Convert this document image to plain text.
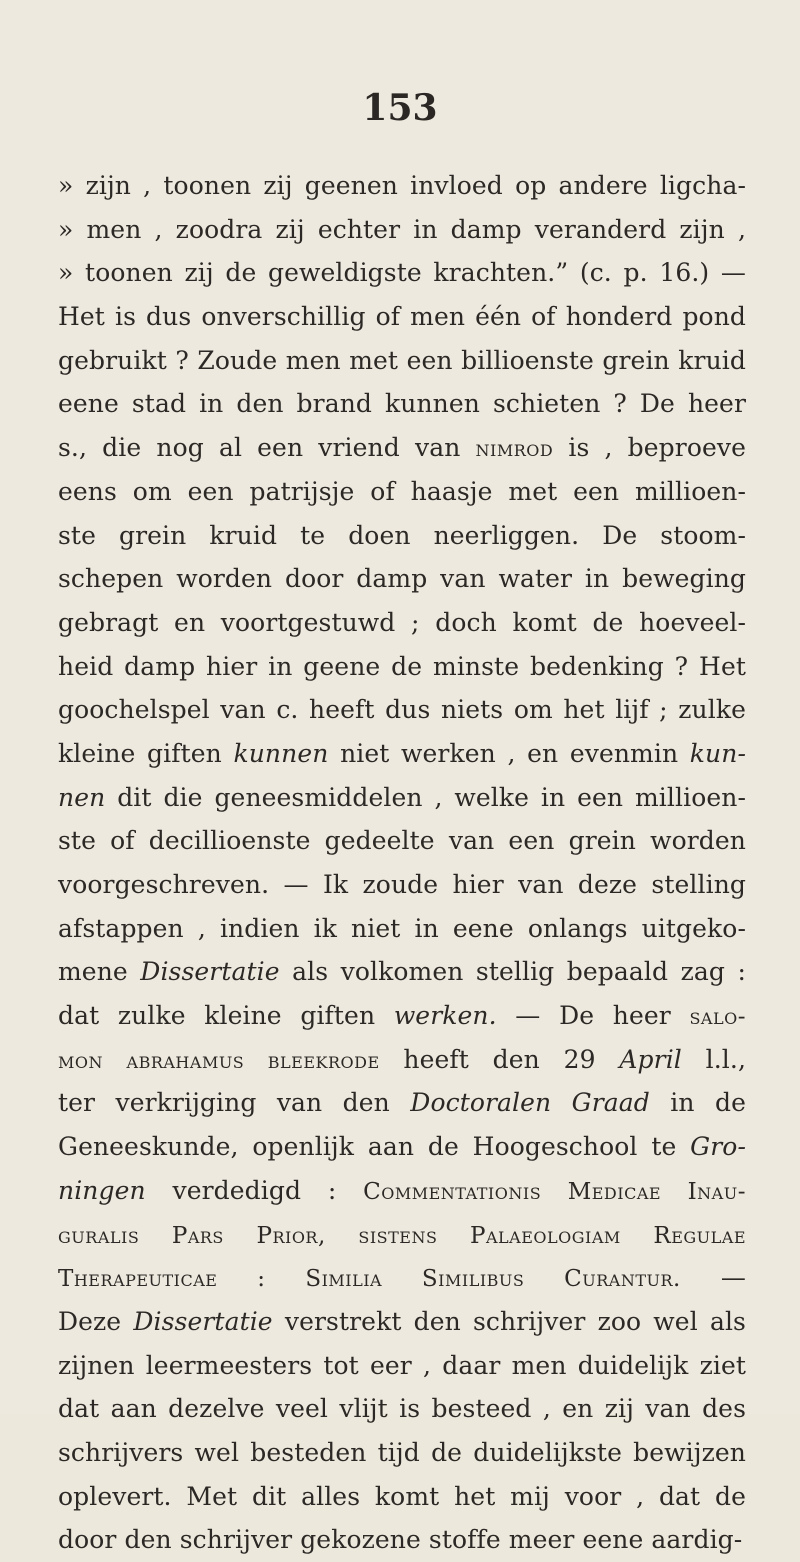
153
» zijn , toonen zij geenen invloed op andere ligcha-
» men , zoodra zij echter in damp veranderd zijn ,
» toonen zij de geweldigste krachten.” (c. p. 16.) —
Het is dus onverschillig of men één of honderd pond
gebruikt ? Zoude men met een billioenste grein kruid
eene stad in den brand kunnen schieten ? De heer
s., die nog al een vriend van nimrod is , beproeve
eens om een patrijsje of haasje met een millioen-
ste grein kruid te doen neerliggen. De stoom-
schepen worden door damp van water in beweging
gebragt en voortgestuwd ; doch komt de hoeveel-
heid damp hier in geene de minste bedenking ? Het
goochelspel van c. heeft dus niets om het lijf ; zulke
kleine giften kunnen niet werken , en evenmin kun-
nen dit die geneesmiddelen , welke in een millioen-
ste of decillioenste gedeelte van een grein worden
voorgeschreven. — Ik zoude hier van deze stelling
afstappen , indien ik niet in eene onlangs uitgeko-
mene Dissertatie als volkomen stellig bepaald zag :
dat zulke kleine giften werken. — De heer salo-
mon abrahamus bleekrode heeft den 29 April l.l.,
ter verkrijging van den Doctoralen Graad in de
Geneeskunde, openlijk aan de Hoogeschool te Gro-
ningen verdedigd : Commentationis Medicae Inau-
guralis Pars Prior, sistens Palaeologiam Regulae
Therapeuticae : Similia Similibus Curantur. —
Deze Dissertatie verstrekt den schrijver zoo wel als
zijnen leermeesters tot eer , daar men duidelijk ziet
dat aan dezelve veel vlijt is besteed , en zij van des
schrijvers wel besteden tijd de duidelijkste bewijzen
oplevert. Met dit alles komt het mij voor , dat de
door den schrijver gekozene stoffe meer eene aardig-
